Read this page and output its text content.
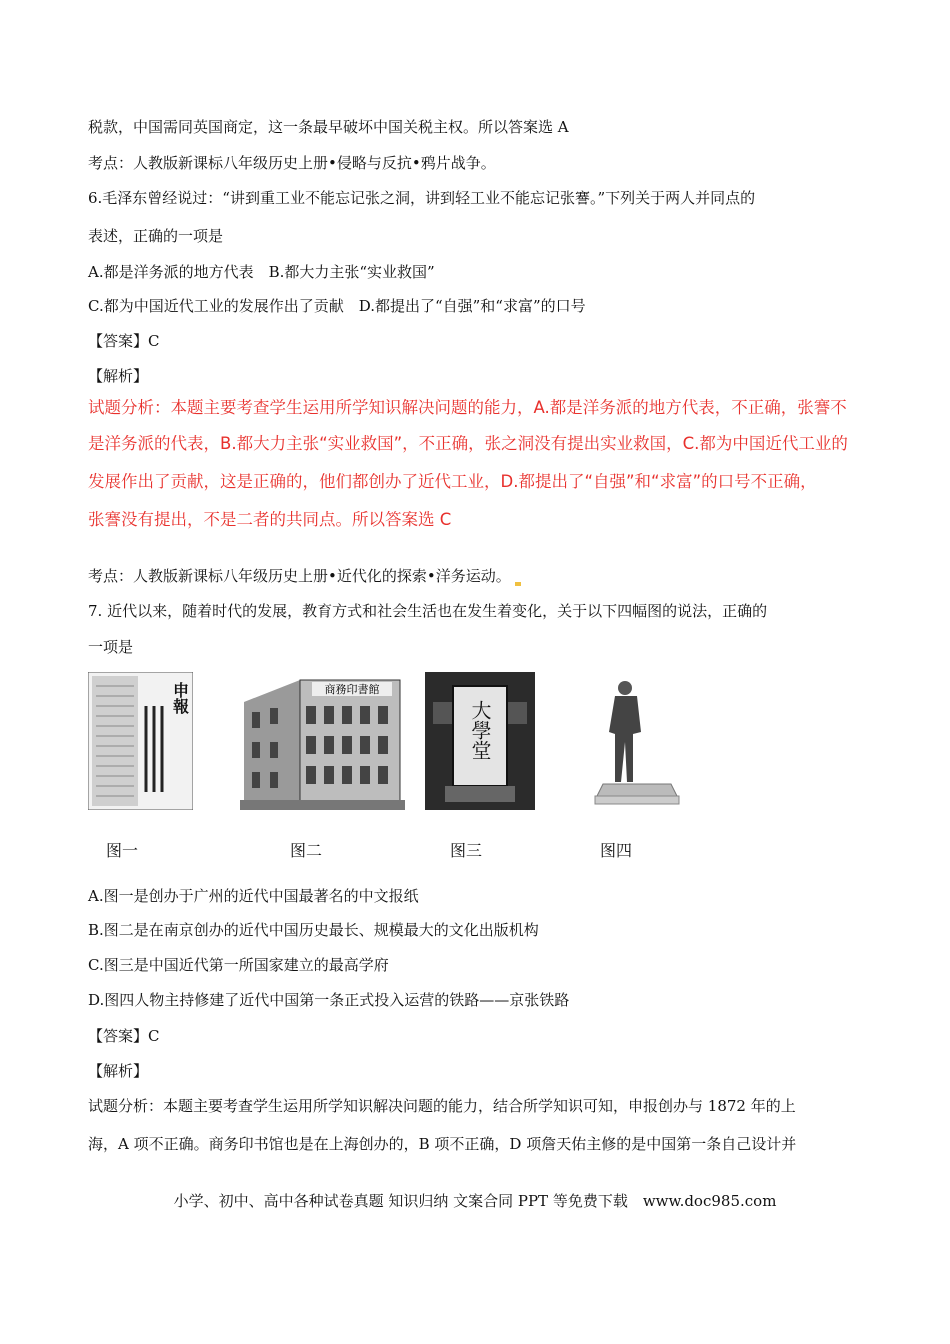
税款，中国需同英国商定，这一条最早破坏中国关税主权。所以答案选 A
考点：人教版新课标八年级历史上册•侵略与反抗•鸦片战争。
6.毛泽东曾经说过：“讲到重工业不能忘记张之洞，讲到轻工业不能忘记张謇。”下列关于两人并同点的
表述，正确的一项是
A.都是洋务派的地方代表　B.都大力主张“实业救国”
C.都为中国近代工业的发展作出了贡献　D.都提出了“自强”和“求富”的口号
【答案】C
【解析】
试题分析：本题主要考查学生运用所学知识解决问题的能力，A.都是洋务派的地方代表，不正确，张謇不
是洋务派的代表，B.都大力主张“实业救国”，不正确，张之洞没有提出实业救国，C.都为中国近代工业的
发展作出了贡献，这是正确的，他们都创办了近代工业，D.都提出了“自强”和“求富”的口号不正确，
张謇没有提出，不是二者的共同点。所以答案选 C
考点：人教版新课标八年级历史上册•近代化的探索•洋务运动。
7. 近代以来，随着时代的发展，教育方式和社会生活也在发生着变化，关于以下四幅图的说法，正确的
一项是
申報
图一
商務印書館
图二
大學堂
图三	图四
A.图一是创办于广州的近代中国最著名的中文报纸
B.图二是在南京创办的近代中国历史最长、规模最大的文化出版机构
C.图三是中国近代第一所国家建立的最高学府
D.图四人物主持修建了近代中国第一条正式投入运营的铁路——京张铁路
【答案】C
【解析】
试题分析：本题主要考查学生运用所学知识解决问题的能力，结合所学知识可知，申报创办与 1872 年的上
海，A 项不正确。商务印书馆也是在上海创办的，B 项不正确，D 项詹天佑主修的是中国第一条自己设计并
小学、初中、高中各种试卷真题 知识归纳 文案合同 PPT 等免费下载　www.doc985.com
